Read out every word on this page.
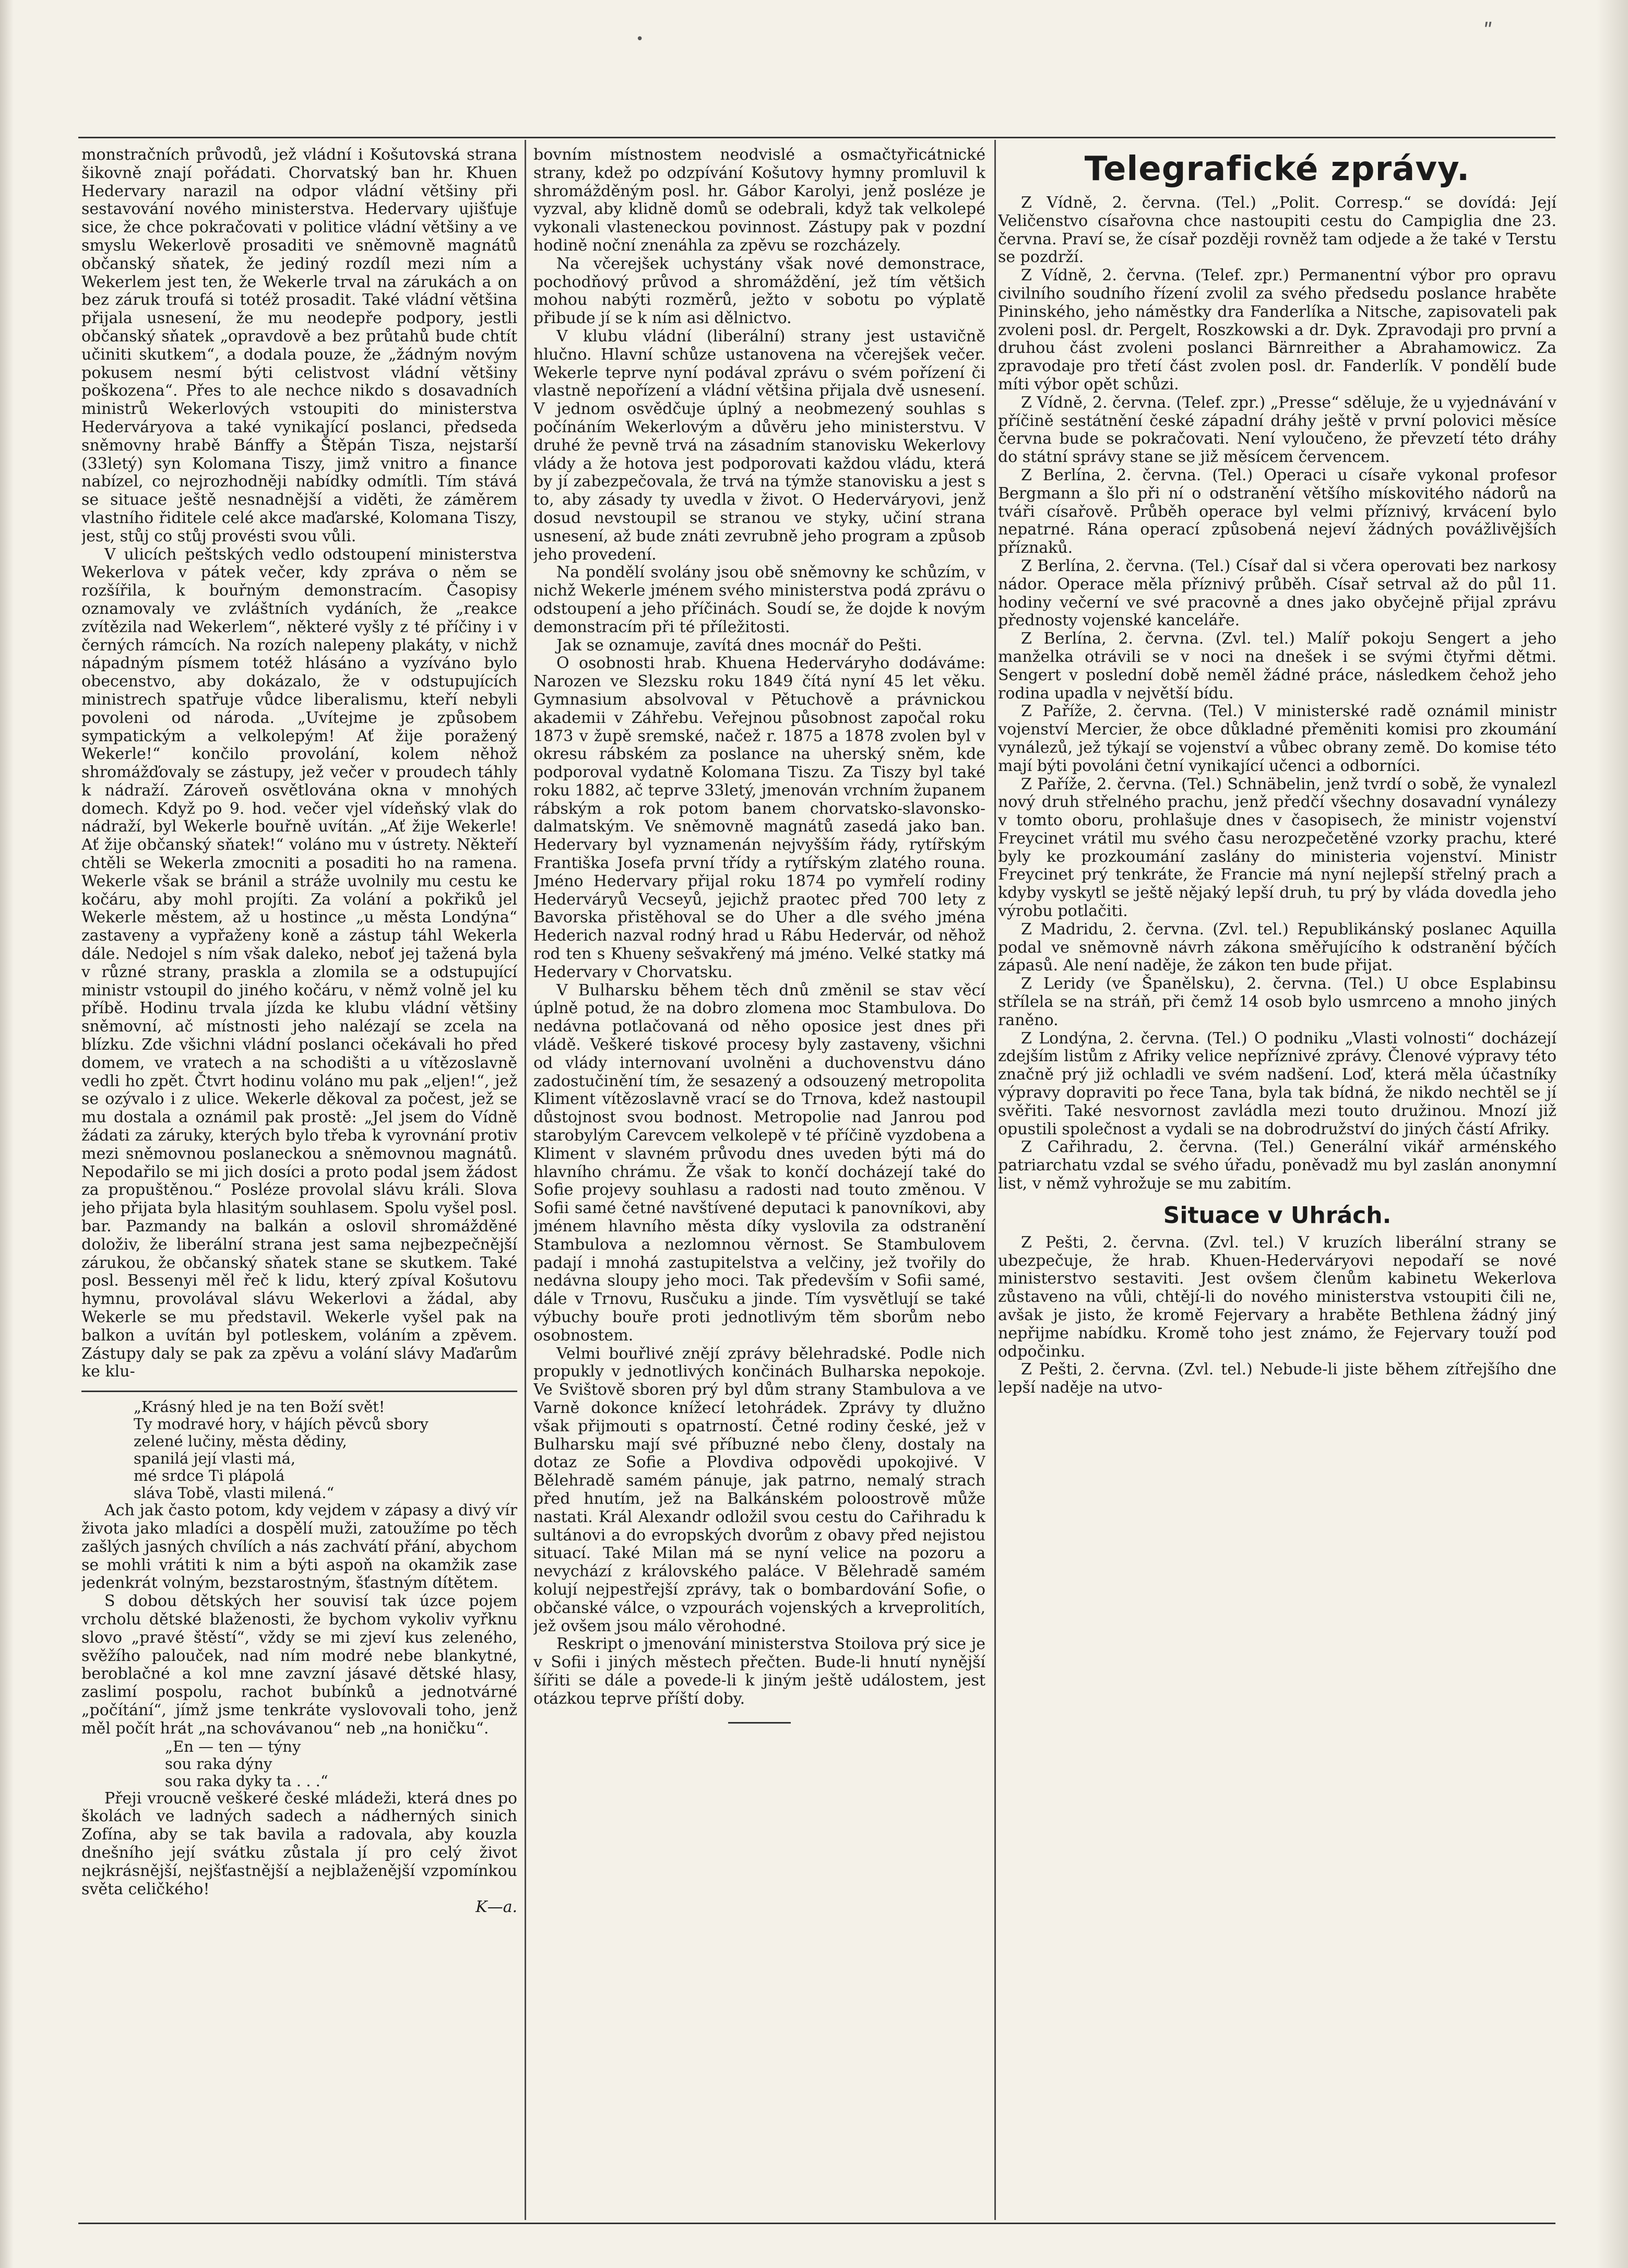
•	ʺ

monstračních průvodů, jež vládní i Košutovská strana šikovně znají pořádati. Chorvatský ban hr. Khuen Hedervary narazil na odpor vládní většiny při sestavování nového ministerstva. Hedervary ujišťuje sice, že chce pokračovati v politice vládní většiny a ve smyslu Wekerlově prosaditi ve sněmovně magnátů občanský sňatek, že jediný rozdíl mezi ním a Wekerlem jest ten, že Wekerle trval na zárukách a on bez záruk troufá si totéž prosadit. Také vládní většina přijala usnesení, že mu neodepře podpory, jestli občanský sňatek „opravdově a bez průtahů bude chtít učiniti skutkem“, a dodala pouze, že „žádným novým pokusem nesmí býti celistvost vládní většiny poškozena“. Přes to ale nechce nikdo s dosavadních ministrů Wekerlových vstoupiti do ministerstva Hederváryova a také vynikající poslanci, předseda sněmovny hrabě Bánffy a Štěpán Tisza, nejstarší (33letý) syn Kolomana Tiszy, jimž vnitro a finance nabízel, co nejrozhodněji nabídky odmítli. Tím stává se situace ještě nesnadnější a viděti, že záměrem vlastního řiditele celé akce maďarské, Kolomana Tiszy, jest, stůj co stůj provésti svou vůli.

V ulicích peštských vedlo odstoupení ministerstva Wekerlova v pátek večer, kdy zpráva o něm se rozšířila, k bouřným demonstracím. Časopisy oznamovaly ve zvláštních vydáních, že „reakce zvítězila nad Wekerlem“, některé vyšly z té příčiny i v černých rámcích. Na rozích nalepeny plakáty, v nichž nápadným písmem totéž hlásáno a vyzíváno bylo obecenstvo, aby dokázalo, že v odstupujících ministrech spatřuje vůdce liberalismu, kteří nebyli povoleni od národa. „Uvítejme je způsobem sympatickým a velkolepým! Ať žije poražený Wekerle!“ končilo provolání, kolem něhož shromážďovaly se zástupy, jež večer v proudech táhly k nádraží. Zároveň osvětlována okna v mnohých domech. Když po 9. hod. večer vjel vídeňský vlak do nádraží, byl Wekerle bouřně uvítán. „Ať žije Wekerle! Ať žije občanský sňatek!“ voláno mu v ústrety. Někteří chtěli se Wekerla zmocniti a posaditi ho na ramena. Wekerle však se bránil a stráže uvolnily mu cestu ke kočáru, aby mohl projíti. Za volání a pokřiků jel Wekerle městem, až u hostince „u města Londýna“ zastaveny a vypřaženy koně a zástup táhl Wekerla dále. Nedojel s ním však daleko, neboť jej tažená byla v různé strany, praskla a zlomila se a odstupující ministr vstoupil do jiného kočáru, v němž volně jel ku příbě. Hodinu trvala jízda ke klubu vládní většiny sněmovní, ač místnosti jeho nalézají se zcela na blízku. Zde všichni vládní poslanci očekávali ho před domem, ve vratech a na schodišti a u vítězoslavně vedli ho zpět. Čtvrt hodinu voláno mu pak „eljen!“, jež se ozývalo i z ulice. Wekerle děkoval za počest, jež se mu dostala a oznámil pak prostě: „Jel jsem do Vídně žádati za záruky, kterých bylo třeba k vyrovnání protiv mezi sněmovnou poslaneckou a sněmovnou magnátů. Nepodařilo se mi jich dosíci a proto podal jsem žádost za propuštěnou.“ Posléze provolal slávu králi. Slova jeho přijata byla hlasitým souhlasem. Spolu vyšel posl. bar. Pazmandy na balkán a oslovil shromážděné doloživ, že liberální strana jest sama nejbezpečnější zárukou, že občanský sňatek stane se skutkem. Také posl. Bessenyi měl řeč k lidu, který zpíval Košutovu hymnu, provolával slávu Wekerlovi a žádal, aby Wekerle se mu představil. Wekerle vyšel pak na balkon a uvítán byl potleskem, voláním a zpěvem. Zástupy daly se pak za zpěvu a volání slávy Maďarům ke klu-

„Krásný hled je na ten Boží svět!
Ty modravé hory, v hájích pěvců sbory
zelené lučiny, města dědiny,
spanilá její vlasti má,
mé srdce Ti plápolá
sláva Tobě, vlasti milená.“

Ach jak často potom, kdy vejdem v zápasy a divý vír života jako mladíci a dospělí muži, zatoužíme po těch zašlých jasných chvílích a nás zachvátí přání, abychom se mohli vrátiti k nim a býti aspoň na okamžik zase jedenkrát volným, bezstarostným, šťastným dítětem.

S dobou dětských her souvisí tak úzce pojem vrcholu dětské blaženosti, že bychom vykoliv vyřknu slovo „pravé štěstí“, vždy se mi zjeví kus zeleného, svěžího palouček, nad ním modré nebe blankytné, beroblačné a kol mne zavzní jásavé dětské hlasy, zaslimí pospolu, rachot bubínků a jednotvárné „počítání“, jímž jsme tenkráte vyslovovali toho, jenž měl počít hrát „na schovávanou“ neb „na honičku“.

„En — ten — týny
sou raka dýny
sou raka dyky ta . . .“

Přeji vroucně veškeré české mládeži, která dnes po školách ve ladných sadech a nádherných sinich Zofína, aby se tak bavila a radovala, aby kouzla dnešního její svátku zůstala jí pro celý život nejkrásnější, nejšťastnější a nejblaženější vzpomínkou světa celičkého!

K—a.

bovním místnostem neodvislé a osmačtyřicátnické strany, kdež po odzpívání Košutovy hymny promluvil k shromážděným posl. hr. Gábor Karolyi, jenž posléze je vyzval, aby klidně domů se odebrali, když tak velkolepé vykonali vlasteneckou povinnost. Zástupy pak v pozdní hodině noční znenáhla za zpěvu se rozcházely.

Na včerejšek uchystány však nové demonstrace, pochodňový průvod a shromáždění, jež tím většich mohou nabýti rozměrů, ježto v sobotu po výplatě přibude jí se k ním asi dělnictvo.

V klubu vládní (liberální) strany jest ustavičně hlučno. Hlavní schůze ustanovena na včerejšek večer. Wekerle teprve nyní podával zprávu o svém pořízení či vlastně nepořízení a vládní většina přijala dvě usnesení. V jednom osvědčuje úplný a neobmezený souhlas s počínáním Wekerlovým a důvěru jeho ministerstvu. V druhé že pevně trvá na zásadním stanovisku Wekerlovy vlády a že hotova jest podporovati každou vládu, která by jí zabezpečovala, že trvá na týmže stanovisku a jest s to, aby zásady ty uvedla v život. O Hederváryovi, jenž dosud nevstoupil se stranou ve styky, učiní strana usnesení, až bude znáti zevrubně jeho program a způsob jeho provedení.

Na pondělí svolány jsou obě sněmovny ke schůzím, v nichž Wekerle jménem svého ministerstva podá zprávu o odstoupení a jeho příčinách. Soudí se, že dojde k novým demonstracím při té příležitosti.

Jak se oznamuje, zavítá dnes mocnář do Pešti.

O osobnosti hrab. Khuena Hederváryho dodáváme: Narozen ve Slezsku roku 1849 čítá nyní 45 let věku. Gymnasium absolvoval v Pětuchově a právnickou akademii v Záhřebu. Veřejnou působnost započal roku 1873 v župě sremské, načež r. 1875 a 1878 zvolen byl v okresu rábském za poslance na uherský sněm, kde podporoval vydatně Kolomana Tiszu. Za Tiszy byl také roku 1882, ač teprve 33letý, jmenován vrchním županem rábským a rok potom banem chorvatsko-slavonsko-dalmatským. Ve sněmovně magnátů zasedá jako ban. Hedervary byl vyznamenán nejvyšším řády, rytířským Františka Josefa první třídy a rytířským zlatého rouna. Jméno Hedervary přijal roku 1874 po vymřelí rodiny Hederváryů Vecseyů, jejichž praotec před 700 lety z Bavorska přistěhoval se do Uher a dle svého jména Hederich nazval rodný hrad u Rábu Hedervár, od něhož rod ten s Khueny sešvakřený má jméno. Velké statky má Hedervary v Chorvatsku.

V Bulharsku během těch dnů změnil se stav věcí úplně potud, že na dobro zlomena moc Stambulova. Do nedávna potlačovaná od něho oposice jest dnes při vládě. Veškeré tiskové procesy byly zastaveny, všichni od vlády internovaní uvolněni a duchovenstvu dáno zadostučinění tím, že sesazený a odsouzený metropolita Kliment vítězoslavně vrací se do Trnova, kdež nastoupil důstojnost svou bodnost. Metropolie nad Janrou pod starobylým Carevcem velkolepě v té příčině vyzdobena a Kliment v slavném průvodu dnes uveden býti má do hlavního chrámu. Že však to končí docházejí také do Sofie projevy souhlasu a radosti nad touto změnou. V Sofii samé četné navštívené deputaci k panovníkovi, aby jménem hlavního města díky vyslovila za odstranění Stambulova a nezlomnou věrnost. Se Stambulovem padají i mnohá zastupitelstva a velčiny, jež tvořily do nedávna sloupy jeho moci. Tak především v Sofii samé, dále v Trnovu, Rusčuku a jinde. Tím vysvětlují se také výbuchy bouře proti jednotlivým těm sborům nebo osobnostem.

Velmi bouřlivé znějí zprávy bělehradské. Podle nich propukly v jednotlivých končinách Bulharska nepokoje. Ve Svištově sboren prý byl dům strany Stambulova a ve Varně dokonce knížecí letohrádek. Zprávy ty dlužno však přijmouti s opatrností. Četné rodiny české, jež v Bulharsku mají své příbuzné nebo členy, dostaly na dotaz ze Sofie a Plovdiva odpovědi upokojivé. V Bělehradě samém pánuje, jak patrno, nemalý strach před hnutím, jež na Balkánském poloostrově může nastati. Král Alexandr odložil svou cestu do Cařihradu k sultánovi a do evropských dvorům z obavy před nejistou situací. Také Milan má se nyní velice na pozoru a nevychází z královského paláce. V Bělehradě samém kolují nejpestřejší zprávy, tak o bombardování Sofie, o občanské válce, o vzpourách vojenských a krveprolitích, jež ovšem jsou málo věrohodné.

Reskript o jmenování ministerstva Stoilova prý sice je v Sofii i jiných městech přečten. Bude-li hnutí nynější šířiti se dále a povede-li k jiným ještě událostem, jest otázkou teprve příští doby.

Telegrafické zprávy.

Z Vídně, 2. června. (Tel.) „Polit. Corresp.“ se dovídá: Její Veličenstvo císařovna chce nastoupiti cestu do Campiglia dne 23. června. Praví se, že císař později rovněž tam odjede a že také v Terstu se pozdrží.

Z Vídně, 2. června. (Telef. zpr.) Permanentní výbor pro opravu civilního soudního řízení zvolil za svého předsedu poslance hraběte Pininského, jeho náměstky dra Fanderlíka a Nitsche, zapisovateli pak zvoleni posl. dr. Pergelt, Roszkowski a dr. Dyk. Zpravodaji pro první a druhou část zvoleni poslanci Bärnreither a Abrahamowicz. Za zpravodaje pro třetí část zvolen posl. dr. Fanderlík. V pondělí bude míti výbor opět schůzi.

Z Vídně, 2. června. (Telef. zpr.) „Presse“ sděluje, že u vyjednávání v příčině sestátnění české západní dráhy ještě v první polovici měsíce června bude se pokračovati. Není vyloučeno, že převzetí této dráhy do státní správy stane se již měsícem červencem.

Z Berlína, 2. června. (Tel.) Operaci u císaře vykonal profesor Bergmann a šlo při ní o odstranění většího mískovitého nádorů na tváři císařově. Průběh operace byl velmi příznivý, krvácení bylo nepatrné. Rána operací způsobená nejeví žádných povážlivějších příznaků.

Z Berlína, 2. června. (Tel.) Císař dal si včera operovati bez narkosy nádor. Operace měla příznivý průběh. Císař setrval až do půl 11. hodiny večerní ve své pracovně a dnes jako obyčejně přijal zprávu přednosty vojenské kanceláře.

Z Berlína, 2. června. (Zvl. tel.) Malíř pokoju Sengert a jeho manželka otrávili se v noci na dnešek i se svými čtyřmi dětmi. Sengert v poslední době neměl žádné práce, následkem čehož jeho rodina upadla v největší bídu.

Z Paříže, 2. června. (Tel.) V ministerské radě oznámil ministr vojenství Mercier, že obce důkladné přeměniti komisi pro zkoumání vynálezů, jež týkají se vojenství a vůbec obrany země. Do komise této mají býti povoláni četní vynikající učenci a odborníci.

Z Paříže, 2. června. (Tel.) Schnäbelin, jenž tvrdí o sobě, že vynalezl nový druh střelného prachu, jenž předčí všechny dosavadní vynálezy v tomto oboru, prohlašuje dnes v časopisech, že ministr vojenství Freycinet vrátil mu svého času nerozpečetěné vzorky prachu, které byly ke prozkoumání zaslány do ministeria vojenství. Ministr Freycinet prý tenkráte, že Francie má nyní nejlepší střelný prach a kdyby vyskytl se ještě nějaký lepší druh, tu prý by vláda dovedla jeho výrobu potlačiti.

Z Madridu, 2. června. (Zvl. tel.) Republikánský poslanec Aquilla podal ve sněmovně návrh zákona směřujícího k odstranění býčích zápasů. Ale není naděje, že zákon ten bude přijat.

Z Leridy (ve Španělsku), 2. června. (Tel.) U obce Esplabinsu střílela se na stráň, při čemž 14 osob bylo usmrceno a mnoho jiných raněno.

Z Londýna, 2. června. (Tel.) O podniku „Vlasti volnosti“ docházejí zdejším listům z Afriky velice nepříznivé zprávy. Členové výpravy této značně prý již ochladli ve svém nadšení. Loď, která měla účastníky výpravy dopraviti po řece Tana, byla tak bídná, že nikdo nechtěl se jí svěřiti. Také nesvornost zavládla mezi touto družinou. Mnozí již opustili společnost a vydali se na dobrodružství do jiných částí Afriky.

Z Cařihradu, 2. června. (Tel.) Generální vikář arménského patriarchatu vzdal se svého úřadu, poněvadž mu byl zaslán anonymní list, v němž vyhrožuje se mu zabitím.

Situace v Uhrách.

Z Pešti, 2. června. (Zvl. tel.) V kruzích liberální strany se ubezpečuje, že hrab. Khuen-Hederváryovi nepodaří se nové ministerstvo sestaviti. Jest ovšem členům kabinetu Wekerlova zůstaveno na vůli, chtějí-li do nového ministerstva vstoupiti čili ne, avšak je jisto, že kromě Fejervary a hraběte Bethlena žádný jiný nepřijme nabídku. Kromě toho jest známo, že Fejervary touží pod odpočinku.

Z Pešti, 2. června. (Zvl. tel.) Nebude-li jiste během zítřejšího dne lepší naděje na utvo-
